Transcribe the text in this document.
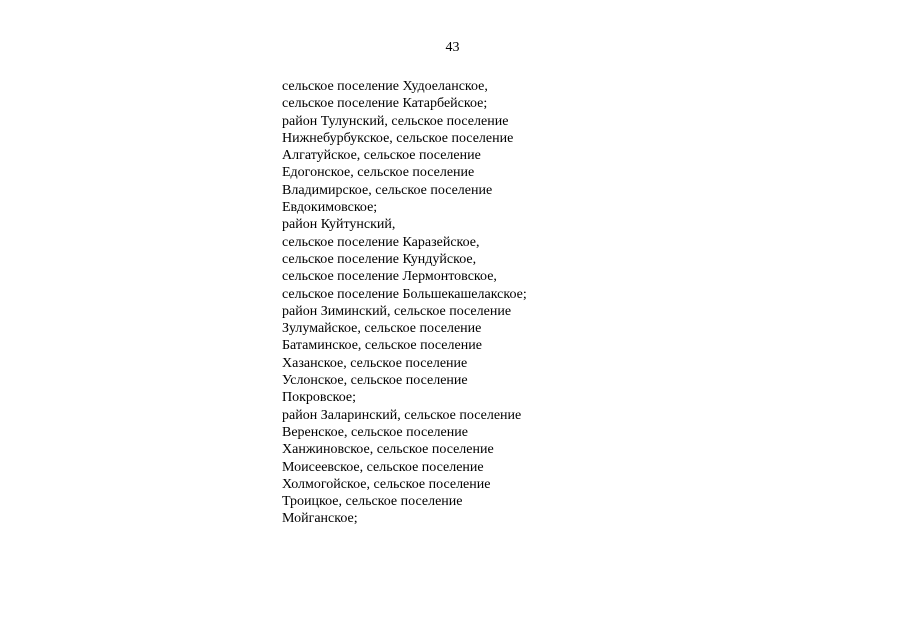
43
сельское поселение Худоеланское,
сельское поселение Катарбейское;
район Тулунский, сельское поселение
Нижнебурбукское, сельское поселение
Алгатуйское, сельское поселение
Едогонское, сельское поселение
Владимирское, сельское поселение
Евдокимовское;
район Куйтунский,
сельское поселение Каразейское,
сельское поселение Кундуйское,
сельское поселение Лермонтовское,
сельское поселение Большекашелакское;
район Зиминский, сельское поселение
Зулумайское, сельское поселение
Батаминское, сельское поселение
Хазанское, сельское поселение
Услонское, сельское поселение
Покровское;
район Заларинский, сельское поселение
Веренское, сельское поселение
Ханжиновское, сельское поселение
Моисеевское, сельское поселение
Холмогойское, сельское поселение
Троицкое, сельское поселение
Мойганское;
